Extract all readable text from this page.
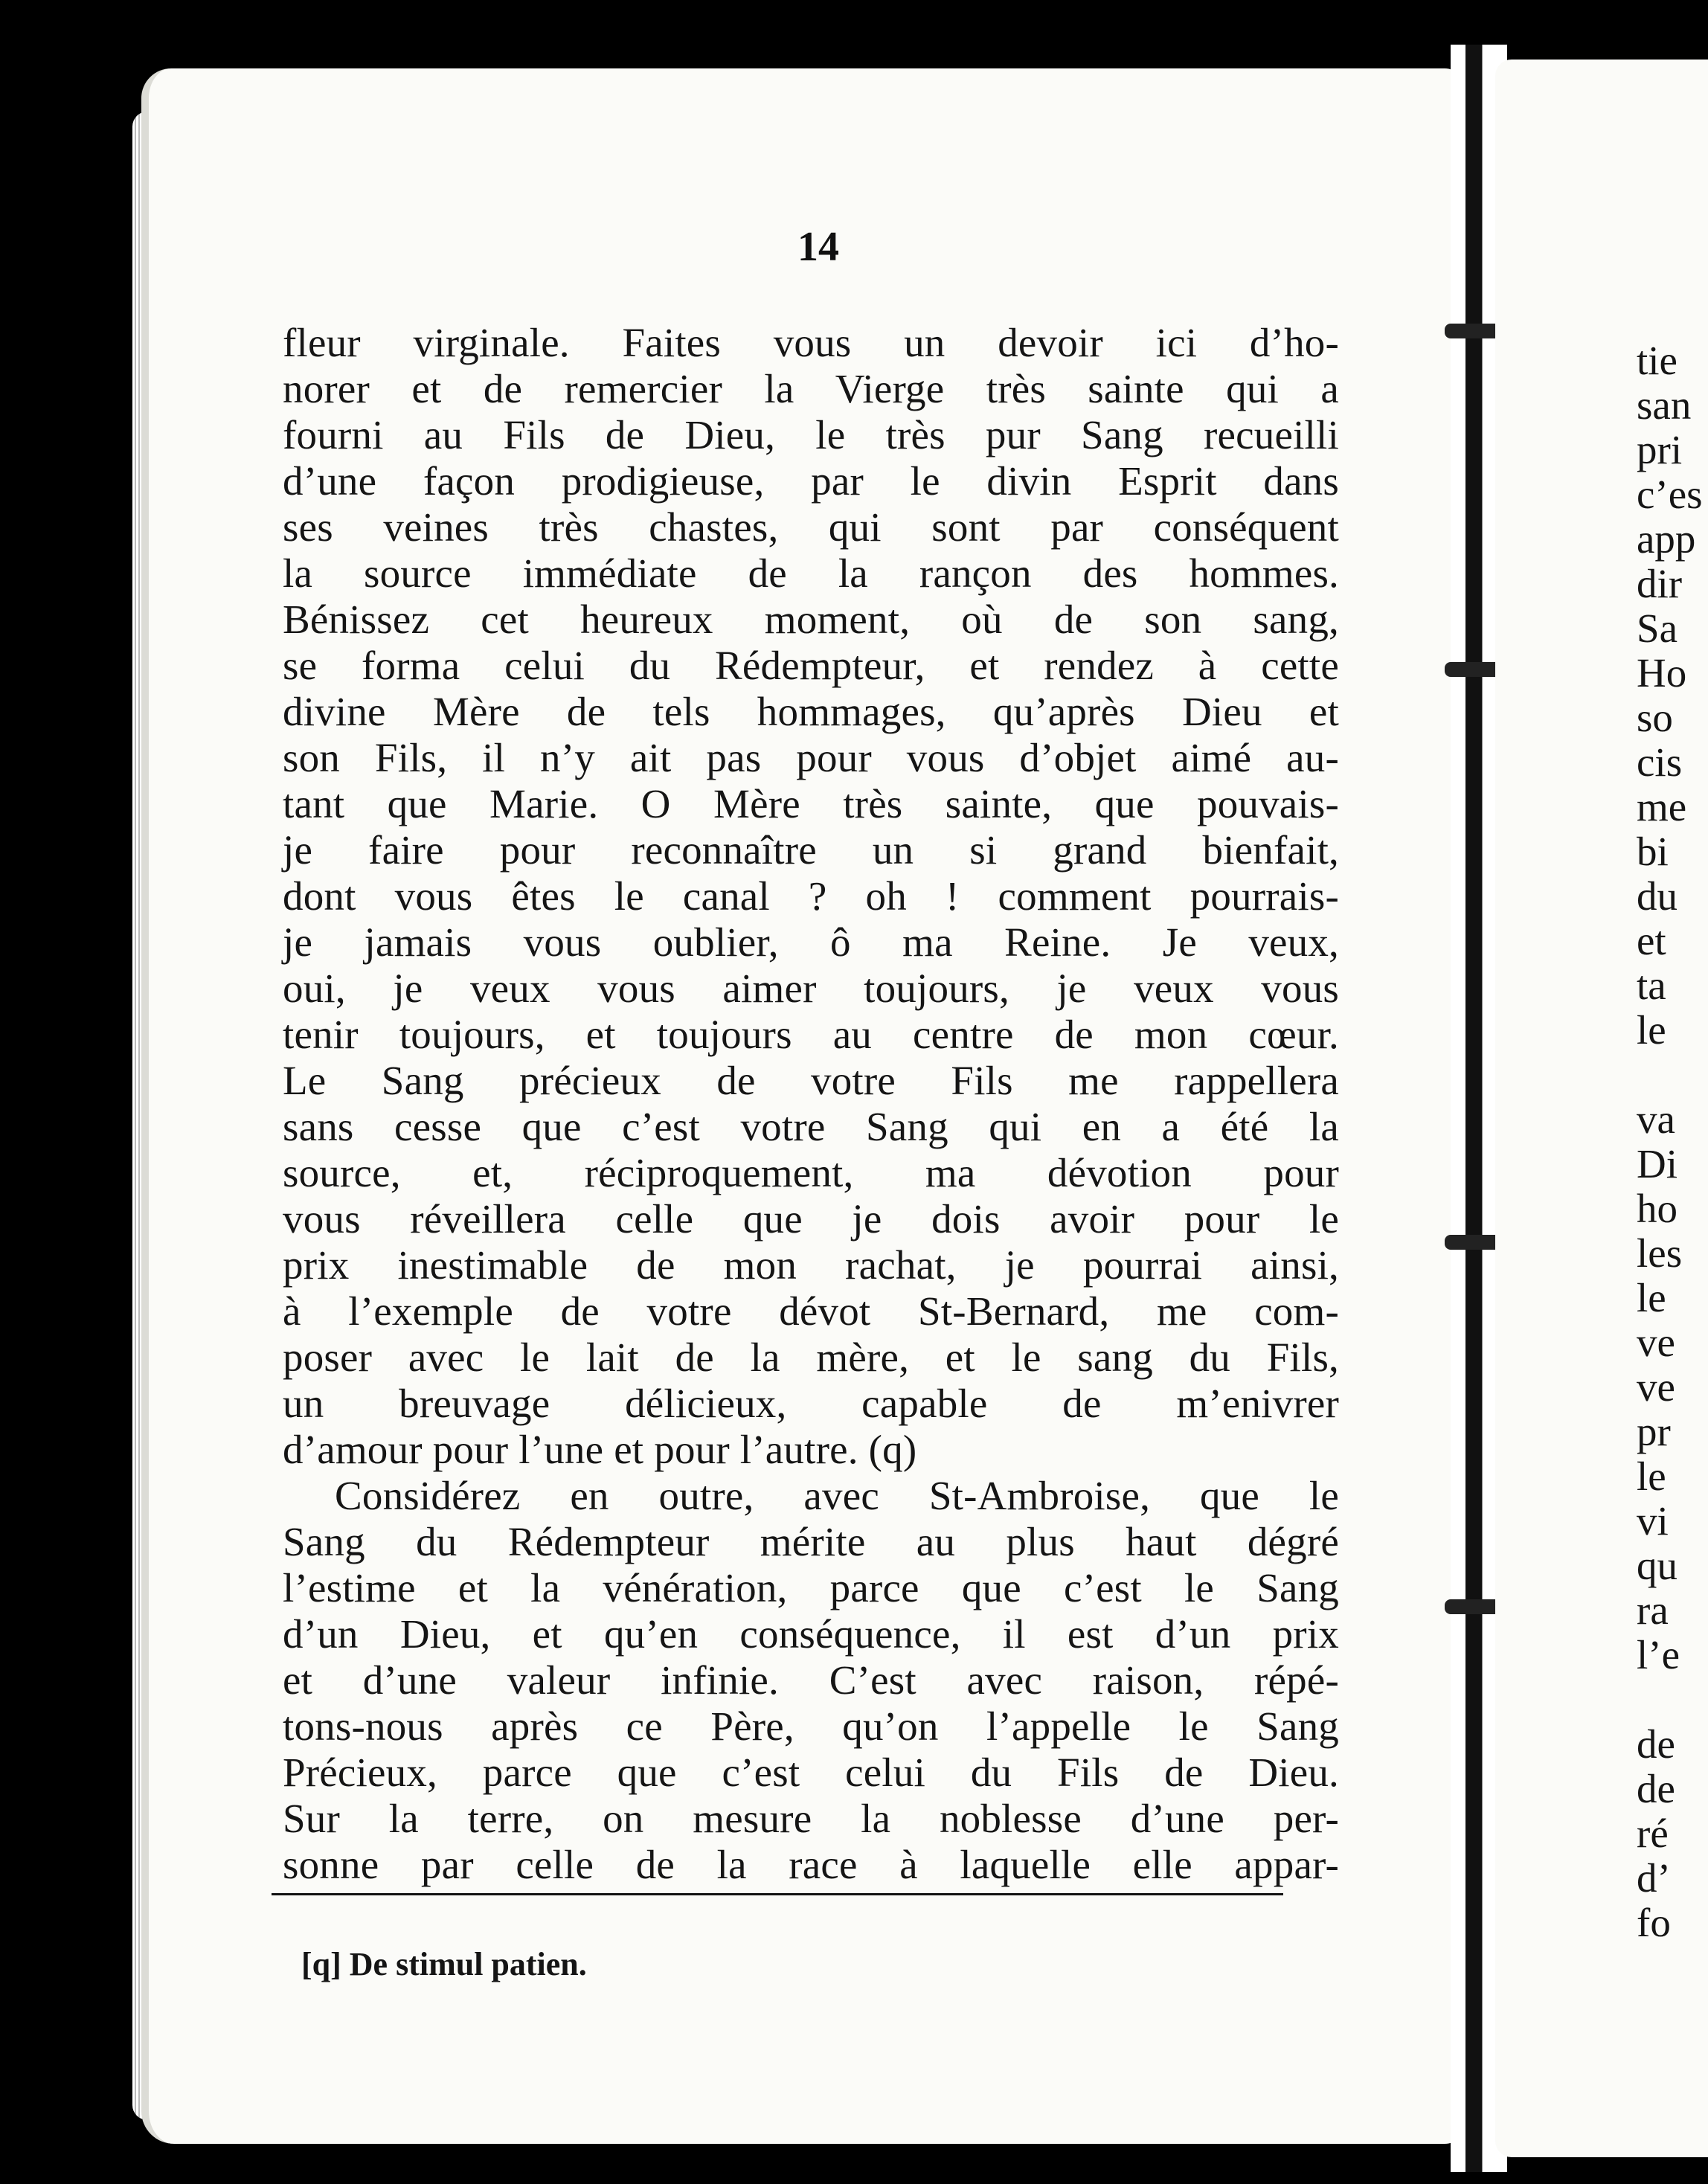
14
fleur virginale. Faites vous un devoir ici d’ho-
norer et de remercier la Vierge très sainte qui a
fourni au Fils de Dieu, le très pur Sang recueilli
d’une façon prodigieuse, par le divin Esprit dans
ses veines très chastes, qui sont par conséquent
la source immédiate de la rançon des hommes.
Bénissez cet heureux moment, où de son sang,
se forma celui du Rédempteur, et rendez à cette
divine Mère de tels hommages, qu’après Dieu et
son Fils, il n’y ait pas pour vous d’objet aimé au-
tant que Marie. O Mère très sainte, que pouvais-
je faire pour reconnaître un si grand bienfait,
dont vous êtes le canal ? oh ! comment pourrais-
je jamais vous oublier, ô ma Reine. Je veux,
oui, je veux vous aimer toujours, je veux vous
tenir toujours, et toujours au centre de mon cœur.
Le Sang précieux de votre Fils me rappellera
sans cesse que c’est votre Sang qui en a été la
source, et, réciproquement, ma dévotion pour
vous réveillera celle que je dois avoir pour le
prix inestimable de mon rachat, je pourrai ainsi,
à l’exemple de votre dévot St-Bernard, me com-
poser avec le lait de la mère, et le sang du Fils,
un breuvage délicieux, capable de m’enivrer
d’amour pour l’une et pour l’autre. (q)
Considérez en outre, avec St-Ambroise, que le
Sang du Rédempteur mérite au plus haut dégré
l’estime et la vénération, parce que c’est le Sang
d’un Dieu, et qu’en conséquence, il est d’un prix
et d’une valeur infinie. C’est avec raison, répé-
tons-nous après ce Père, qu’on l’appelle le Sang
Précieux, parce que c’est celui du Fils de Dieu.
Sur la terre, on mesure la noblesse d’une per-
sonne par celle de la race à laquelle elle appar-
[q] De stimul patien.
tie
san
pri
c’es
app
dir
Sa
Ho
so
cis
me
bi
du
et
ta
le
va
Di
ho
les
le
ve
ve
pr
le
vi
qu
ra
l’e
de
de
ré
d’
fo
